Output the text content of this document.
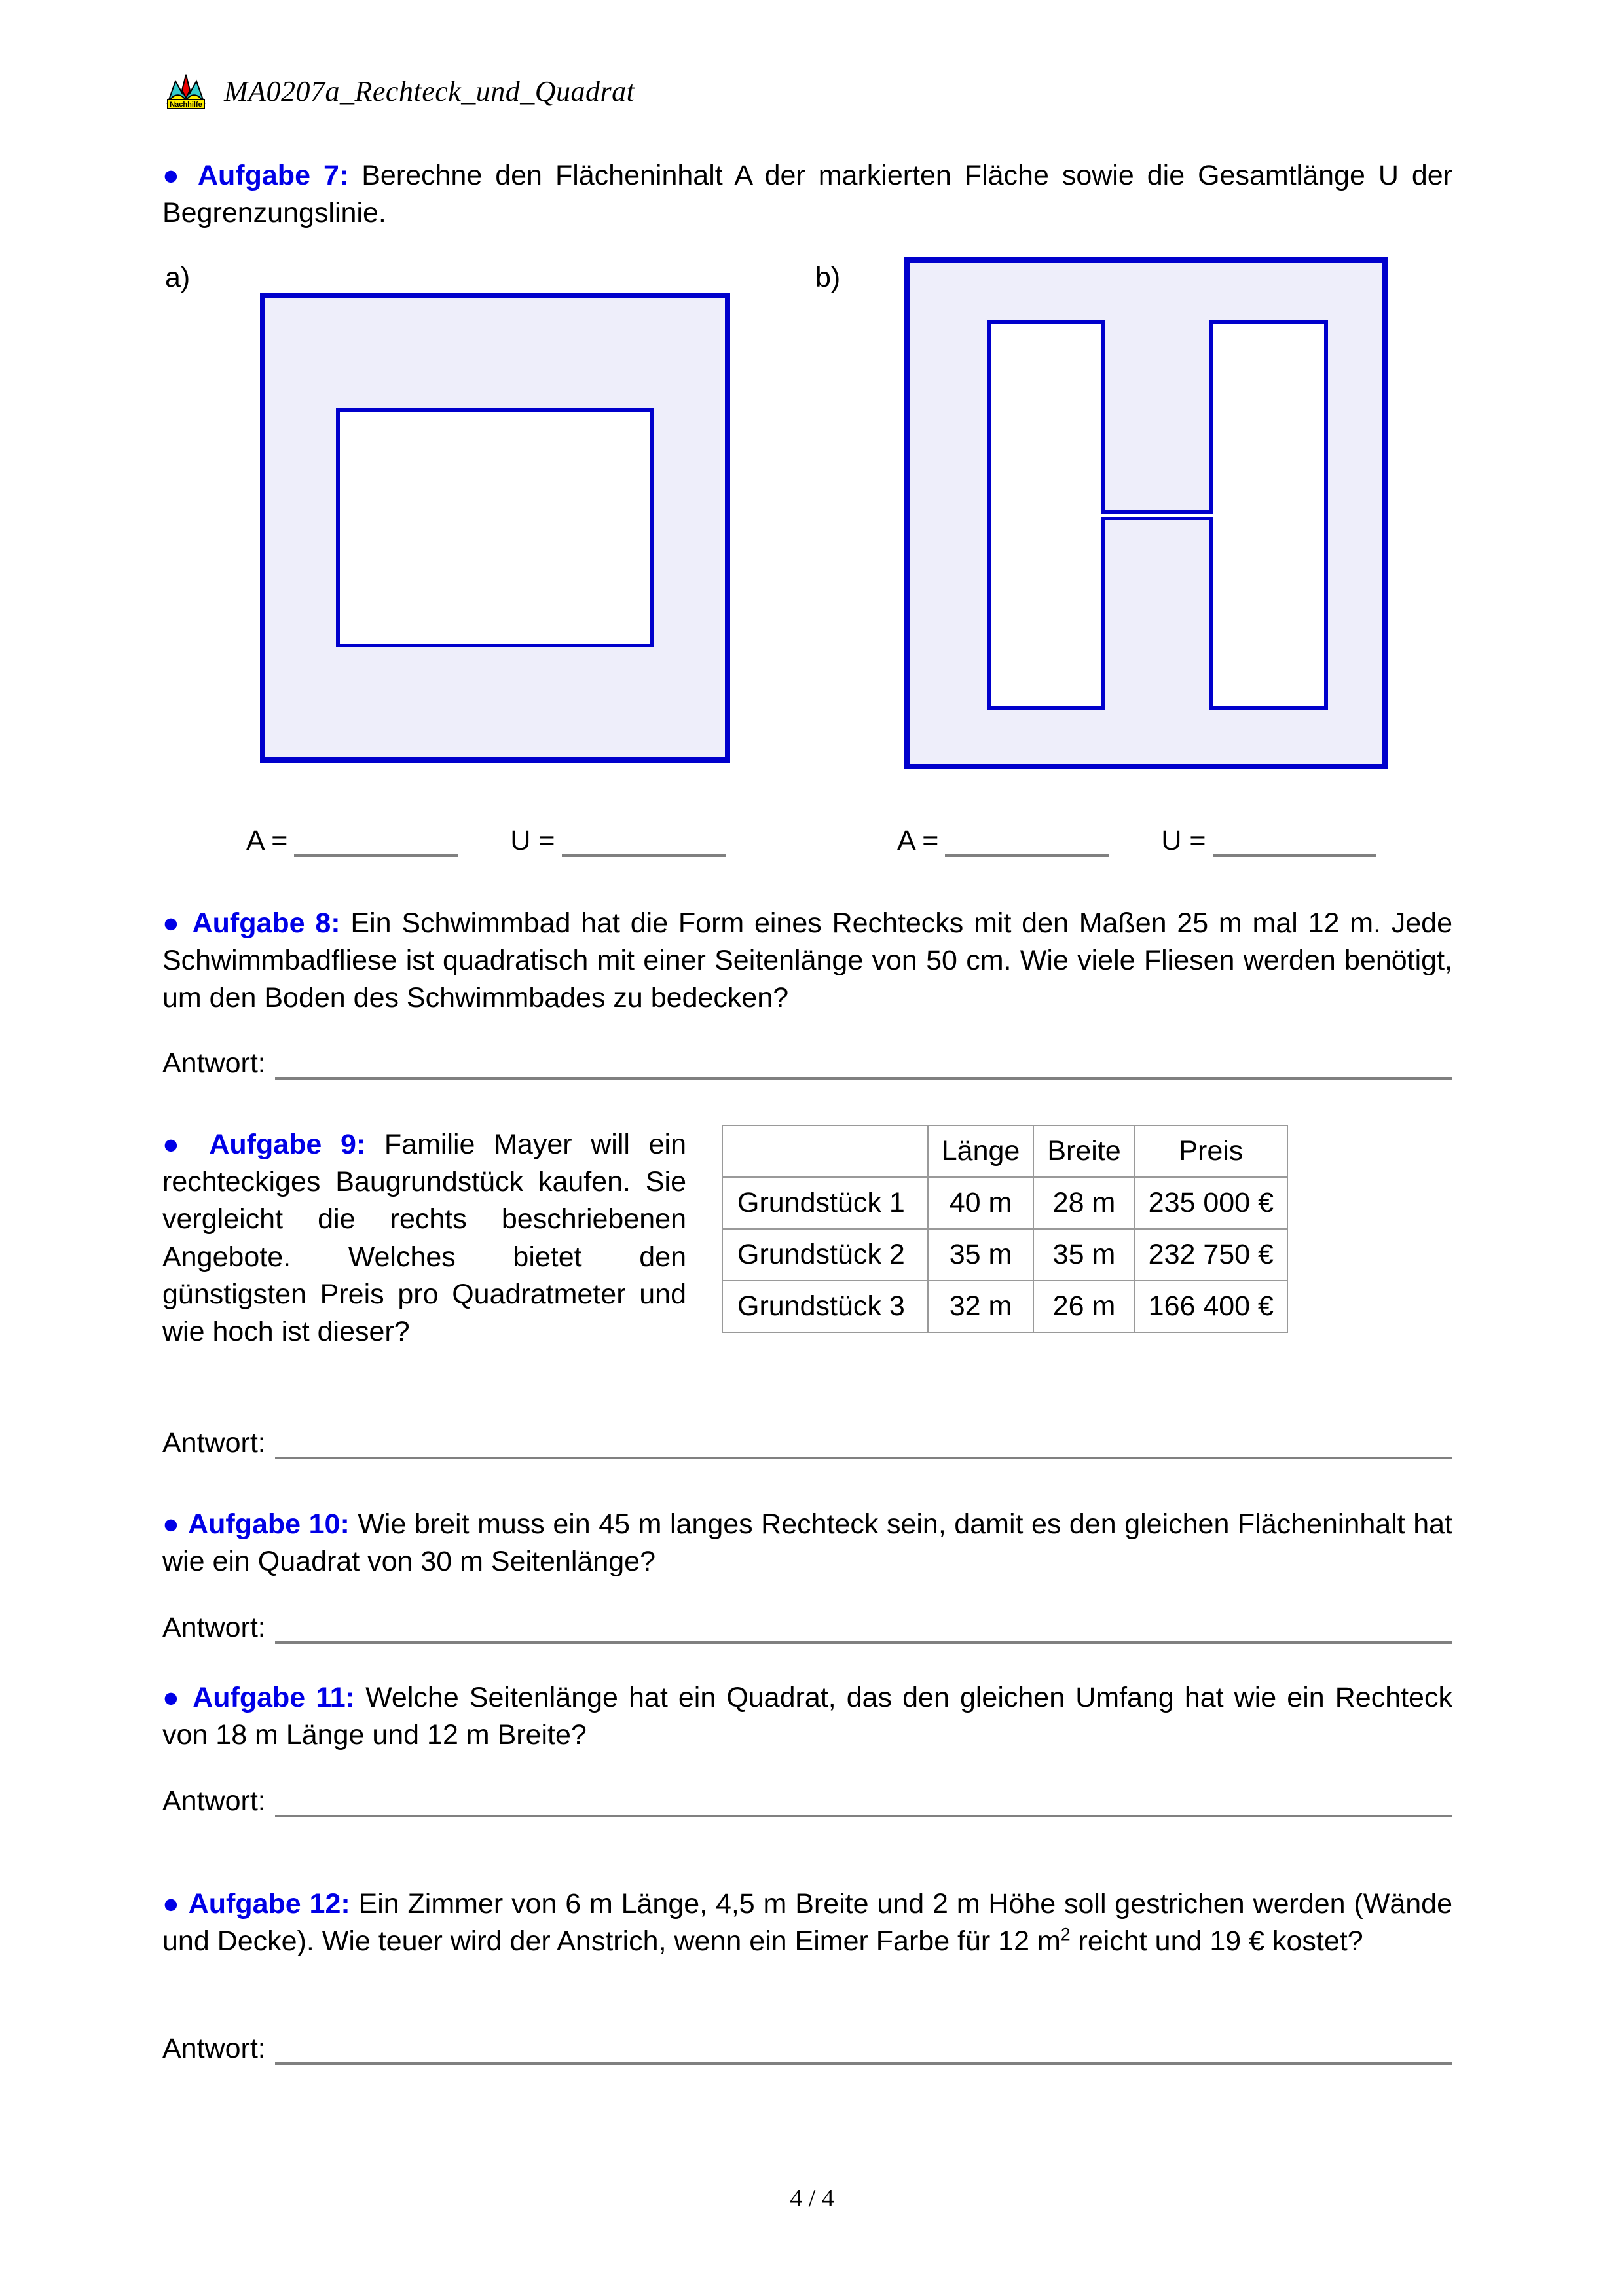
Nachhilfe MA0207a_Rechteck_und_Quadrat
● Aufgabe 7: Berechne den Flächeninhalt A der markierten Fläche sowie die Gesamtlänge U der Begrenzungslinie.
a)	b)
A =	U =	A =	U =
● Aufgabe 8: Ein Schwimmbad hat die Form eines Rechtecks mit den Maßen 25 m mal 12 m. Jede Schwimmbadfliese ist quadratisch mit einer Seitenlänge von 50 cm. Wie viele Fliesen werden benötigt, um den Boden des Schwimmbades zu bedecken?
Antwort:
● Aufgabe 9: Familie Mayer will ein rechteckiges Baugrundstück kaufen. Sie vergleicht die rechts beschriebenen Angebote. Welches bietet den günstigsten Preis pro Quadratmeter und wie hoch ist dieser?
	Länge	Breite	Preis
Grundstück 1	40 m	28 m	235 000 €
Grundstück 2	35 m	35 m	232 750 €
Grundstück 3	32 m	26 m	166 400 €
Antwort:
● Aufgabe 10: Wie breit muss ein 45 m langes Rechteck sein, damit es den gleichen Flächeninhalt hat wie ein Quadrat von 30 m Seitenlänge?
Antwort:
● Aufgabe 11: Welche Seitenlänge hat ein Quadrat, das den gleichen Umfang hat wie ein Rechteck von 18 m Länge und 12 m Breite?
Antwort:
● Aufgabe 12: Ein Zimmer von 6 m Länge, 4,5 m Breite und 2 m Höhe soll gestrichen werden (Wände und Decke). Wie teuer wird der Anstrich, wenn ein Eimer Farbe für 12 $m^2$ reicht und 19 € kostet?
Antwort:
4 / 4
